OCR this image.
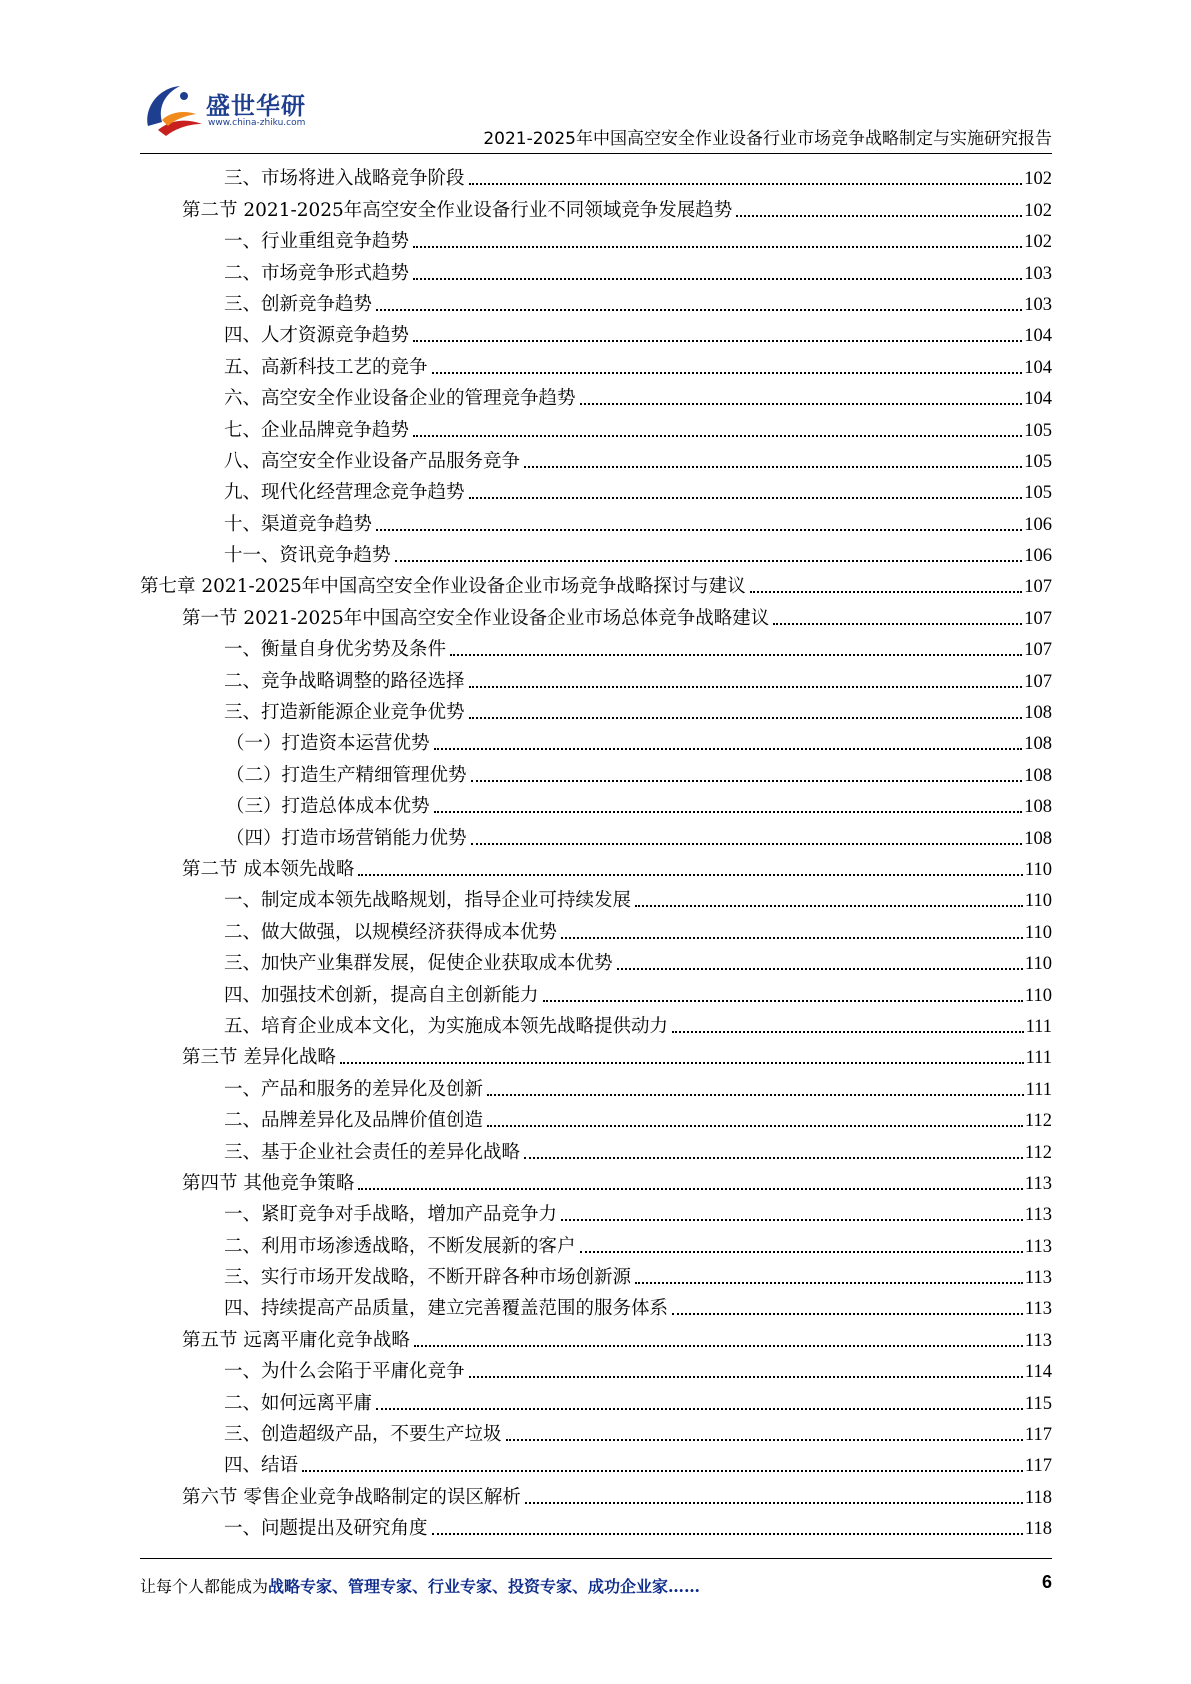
盛世华研
www.china-zhiku.com
2021-2025年中国高空安全作业设备行业市场竞争战略制定与实施研究报告
三、市场将进入战略竞争阶段	102
第二节 2021-2025年高空安全作业设备行业不同领域竞争发展趋势	102
一、行业重组竞争趋势	102
二、市场竞争形式趋势	103
三、创新竞争趋势	103
四、人才资源竞争趋势	104
五、高新科技工艺的竞争	104
六、高空安全作业设备企业的管理竞争趋势	104
七、企业品牌竞争趋势	105
八、高空安全作业设备产品服务竞争	105
九、现代化经营理念竞争趋势	105
十、渠道竞争趋势	106
十一、资讯竞争趋势	106
第七章 2021-2025年中国高空安全作业设备企业市场竞争战略探讨与建议	107
第一节 2021-2025年中国高空安全作业设备企业市场总体竞争战略建议	107
一、衡量自身优劣势及条件	107
二、竞争战略调整的路径选择	107
三、打造新能源企业竞争优势	108
（一）打造资本运营优势	108
（二）打造生产精细管理优势	108
（三）打造总体成本优势	108
（四）打造市场营销能力优势	108
第二节 成本领先战略	110
一、制定成本领先战略规划，指导企业可持续发展	110
二、做大做强，以规模经济获得成本优势	110
三、加快产业集群发展，促使企业获取成本优势	110
四、加强技术创新，提高自主创新能力	110
五、培育企业成本文化，为实施成本领先战略提供动力	111
第三节 差异化战略	111
一、产品和服务的差异化及创新	111
二、品牌差异化及品牌价值创造	112
三、基于企业社会责任的差异化战略	112
第四节 其他竞争策略	113
一、紧盯竞争对手战略，增加产品竞争力	113
二、利用市场渗透战略，不断发展新的客户	113
三、实行市场开发战略，不断开辟各种市场创新源	113
四、持续提高产品质量，建立完善覆盖范围的服务体系	113
第五节 远离平庸化竞争战略	113
一、为什么会陷于平庸化竞争	114
二、如何远离平庸	115
三、创造超级产品，不要生产垃圾	117
四、结语	117
第六节 零售企业竞争战略制定的误区解析	118
一、问题提出及研究角度	118
让每个人都能成为战略专家、管理专家、行业专家、投资专家、成功企业家……	6
